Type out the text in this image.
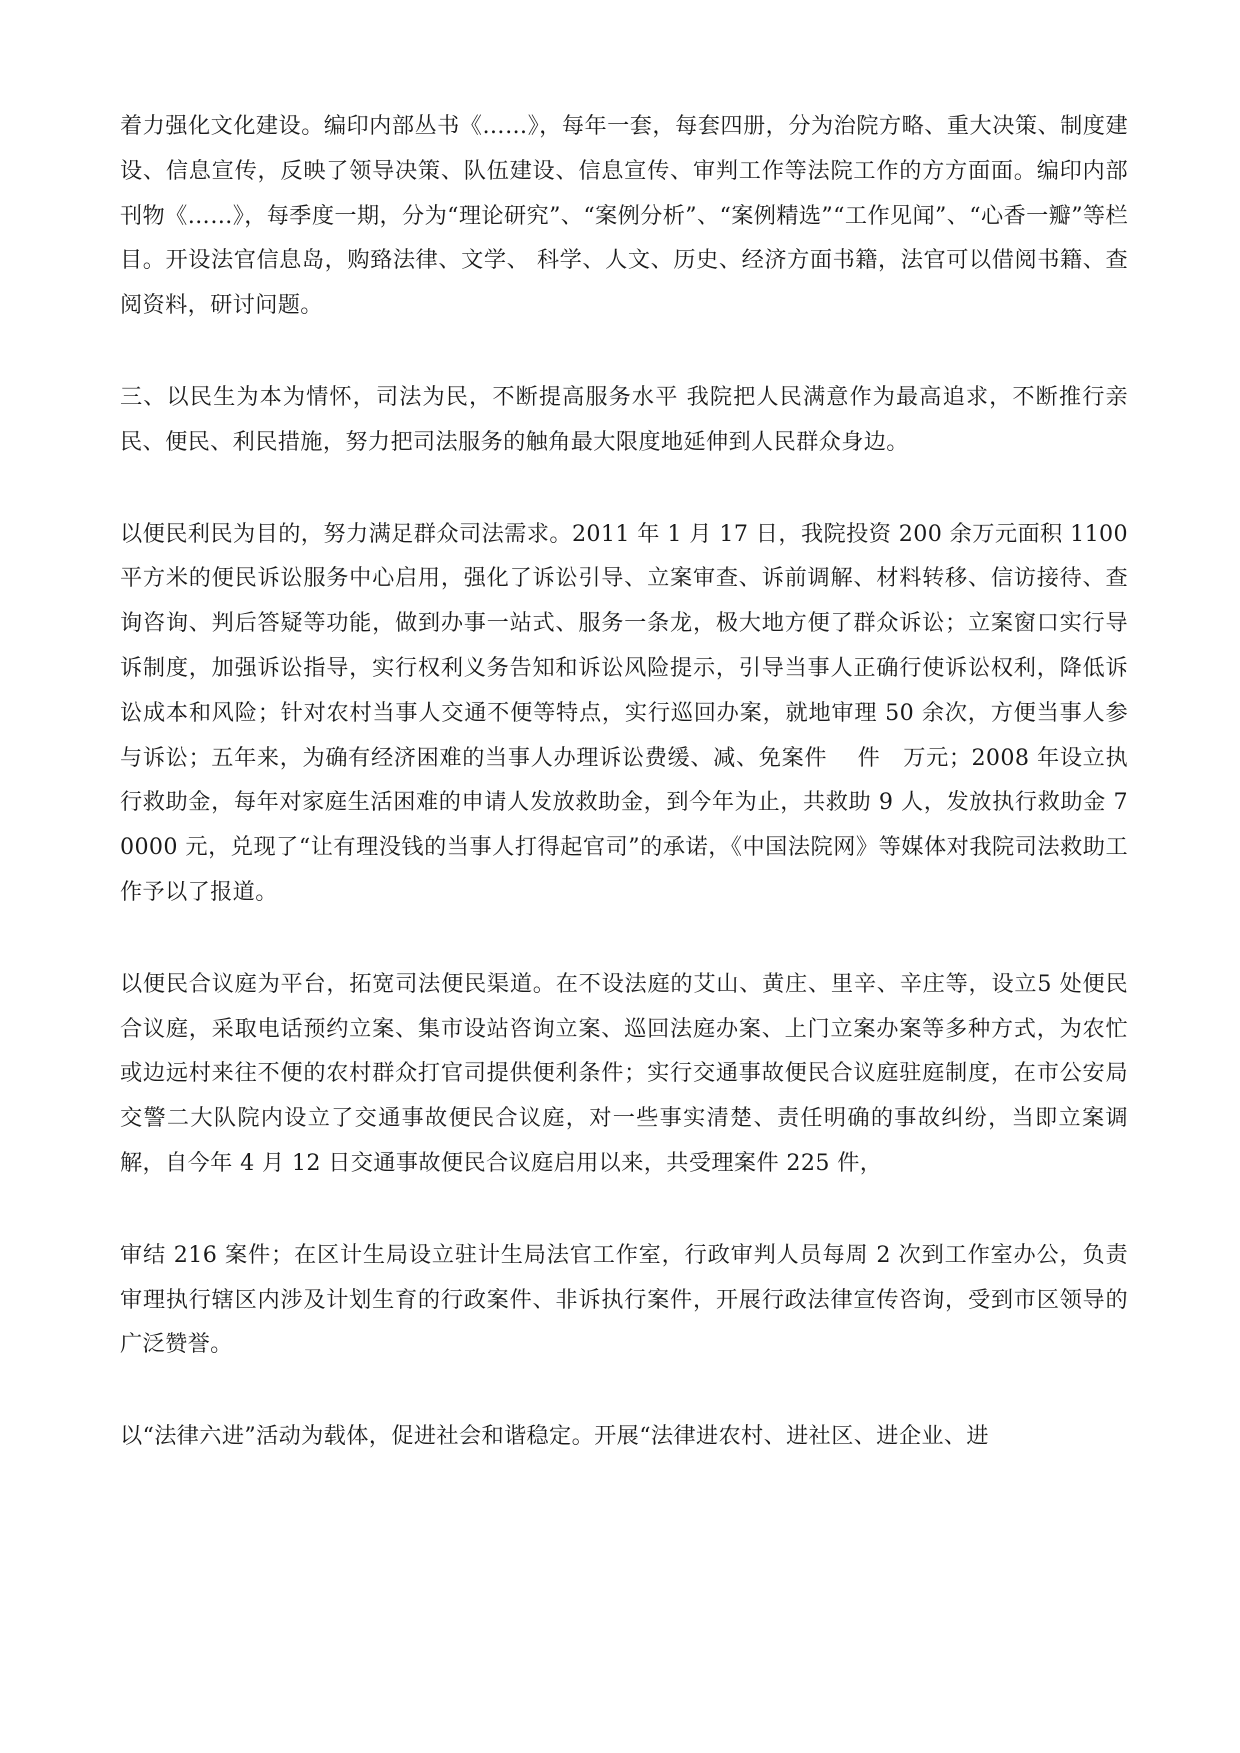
着力强化文化建设。编印内部丛书《……》，每年一套，每套四册，分为治院方略、重大决策、制度建设、信息宣传，反映了领导决策、队伍建设、信息宣传、审判工作等法院工作的方方面面。编印内部刊物《……》，每季度一期，分为“理论研究”、“案例分析”、“案例精选”“工作见闻”、“心香一瓣”等栏目。开设法官信息岛，购臵法律、文学、 科学、人文、历史、经济方面书籍，法官可以借阅书籍、查阅资料，研讨问题。

三、以民生为本为情怀，司法为民，不断提高服务水平 我院把人民满意作为最高追求，不断推行亲民、便民、利民措施，努力把司法服务的触角最大限度地延伸到人民群众身边。

以便民利民为目的，努力满足群众司法需求。2011 年 1 月 17 日，我院投资 200 余万元面积 1100 平方米的便民诉讼服务中心启用，强化了诉讼引导、立案审查、诉前调解、材料转移、信访接待、查询咨询、判后答疑等功能，做到办事一站式、服务一条龙，极大地方便了群众诉讼；立案窗口实行导诉制度，加强诉讼指导，实行权利义务告知和诉讼风险提示，引导当事人正确行使诉讼权利，降低诉讼成本和风险；针对农村当事人交通不便等特点，实行巡回办案，就地审理 50 余次，方便当事人参与诉讼；五年来，为确有经济困难的当事人办理诉讼费缓、减、免案件　 件　万元；2008 年设立执行救助金，每年对家庭生活困难的申请人发放救助金，到今年为止，共救助 9 人，发放执行救助金 70000 元，兑现了“让有理没钱的当事人打得起官司”的承诺，《中国法院网》等媒体对我院司法救助工作予以了报道。

以便民合议庭为平台，拓宽司法便民渠道。在不设法庭的艾山、黄庄、里辛、辛庄等，设立5 处便民合议庭，采取电话预约立案、集市设站咨询立案、巡回法庭办案、上门立案办案等多种方式，为农忙或边远村来往不便的农村群众打官司提供便利条件；实行交通事故便民合议庭驻庭制度，在市公安局交警二大队院内设立了交通事故便民合议庭，对一些事实清楚、责任明确的事故纠纷，当即立案调解，自今年 4 月 12 日交通事故便民合议庭启用以来，共受理案件 225 件，

审结 216 案件；在区计生局设立驻计生局法官工作室，行政审判人员每周 2 次到工作室办公，负责审理执行辖区内涉及计划生育的行政案件、非诉执行案件，开展行政法律宣传咨询，受到市区领导的广泛赞誉。

以“法律六进”活动为载体，促进社会和谐稳定。开展“法律进农村、进社区、进企业、进
